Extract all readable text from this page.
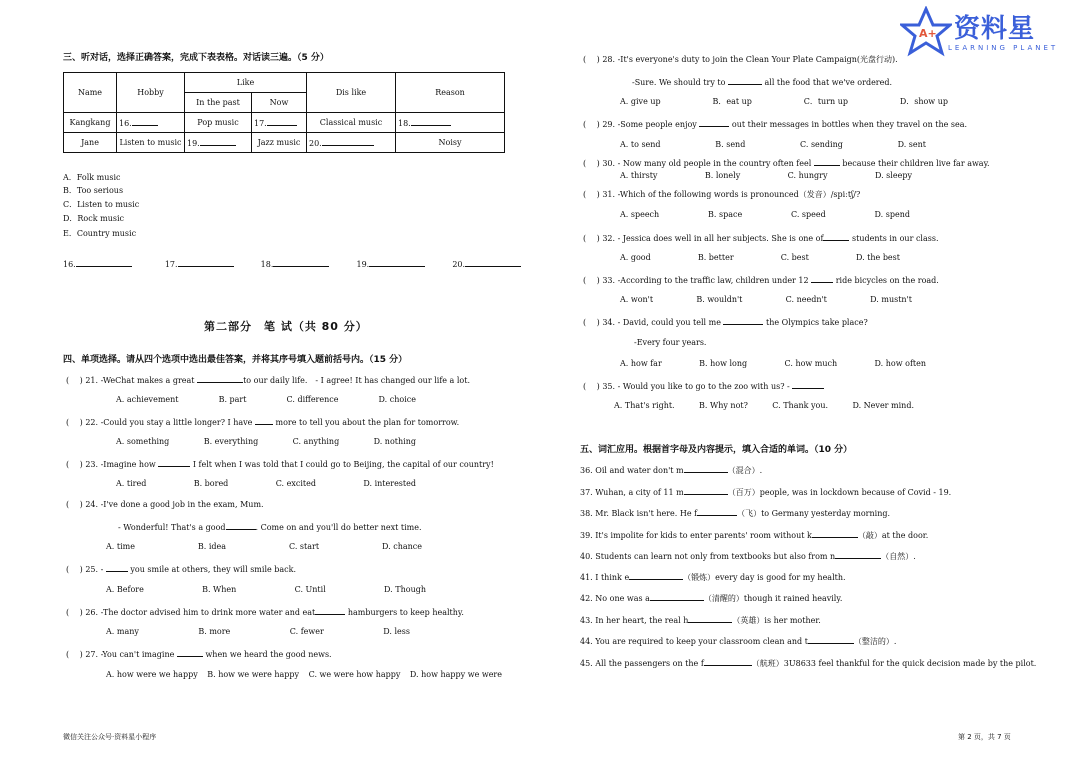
A+ 资料星
LEARNING PLANET
三、听对话，选择正确答案，完成下表表格。对话读三遍。（5 分）
Name	Hobby	Like		Dis like	Reason
		In the past	Now		
Kangkang	16.	Pop music	17.	Classical music	18.
Jane	Listen to music	19.	Jazz music	20.	Noisy
A．Folk music
B．Too serious
C．Listen to music
D．Rock music
E．Country music
16.	17.	18.	19.	20.
第二部分　笔 试（共 80 分）
四、单项选择。请从四个选项中选出最佳答案，并将其序号填入题前括号内。（15 分）
( 　) 21. -WeChat makes a great	to our daily life.　- I agree! It has changed our life a lot.
A. achievement	B. part	C. difference	D. choice
( 　) 22. -Could you stay a little longer? I have  more to tell you about the plan for tomorrow.
A. something	B. everything	C. anything	D. nothing
( 　) 23. -Imagine how	I felt when I was told that I could go to Beijing, the capital of our country!
A. tired	B. bored	C. excited	D. interested
( 　) 24. -I've done a good job in the exam, Mum.
- Wonderful! That's a good	. Come on and you'll do better next time.
A. time	B. idea	C. start	D. chance
( 　) 25. -	you smile at others, they will smile back.
A. Before	B. When	C. Until	D. Though
( 　) 26. -The doctor advised him to drink more water and eat	hamburgers to keep healthy.
A. many	B. more	C. fewer	D. less
( 　) 27. -You can't imagine	when we heard the good news.
A. how were we happy B. how we were happy C. we were how happy D. how happy we were
( 　) 28. -It's everyone's duty to join the Clean Your Plate Campaign(光盘行动).
-Sure. We should try to	all the food that we've ordered.
A. give up	B．eat up	C．turn up	D．show up
( 　) 29. -Some people enjoy	out their messages in bottles when they travel on the sea.
A. to send	B. send	C. sending	D. sent
( 　) 30. - Now many old people in the country often feel	because their children live far away.
A. thirsty	B. lonely	C. hungry	D. sleepy
( 　) 31. -Which of the following words is pronounced（发音）/spiːtʃ/?
A. speech	B. space	C. speed	D. spend
( 　) 32. - Jessica does well in all her subjects. She is one of	students in our class.
A. good	B. better	C. best	D. the best
( 　) 33. -According to the traffic law, children under 12	ride bicycles on the road.
A. won't	B. wouldn't	C. needn't	D. mustn't
( 　) 34. - David, could you tell me	the Olympics take place?
-Every four years.
A. how far	B. how long	C. how much	D. how often
( 　) 35. - Would you like to go to the zoo with us? -
A. That's right.	B. Why not?	C. Thank you.	D. Never mind.
五、词汇应用。根据首字母及内容提示，填入合适的单词。（10 分）
36. Oil and water don't m	（混合）.
37. Wuhan, a city of 11 m	（百万）people, was in lockdown because of Covid - 19.
38. Mr. Black isn't here. He f	（飞）to Germany yesterday morning.
39. It's impolite for kids to enter parents' room without k	（敲）at the door.
40. Students can learn not only from textbooks but also from n	（自然）.
41. I think e	（锻炼）every day is good for my health.
42. No one was a	（清醒的）though it rained heavily.
43. In her heart, the real h	（英雄）is her mother.
44. You are required to keep your classroom clean and t	（整洁的）.
45. All the passengers on the f	（航班）3U8633 feel thankful for the quick decision made by the pilot.
微信关注公众号·资料星小程序	第 2 页，共 7 页
